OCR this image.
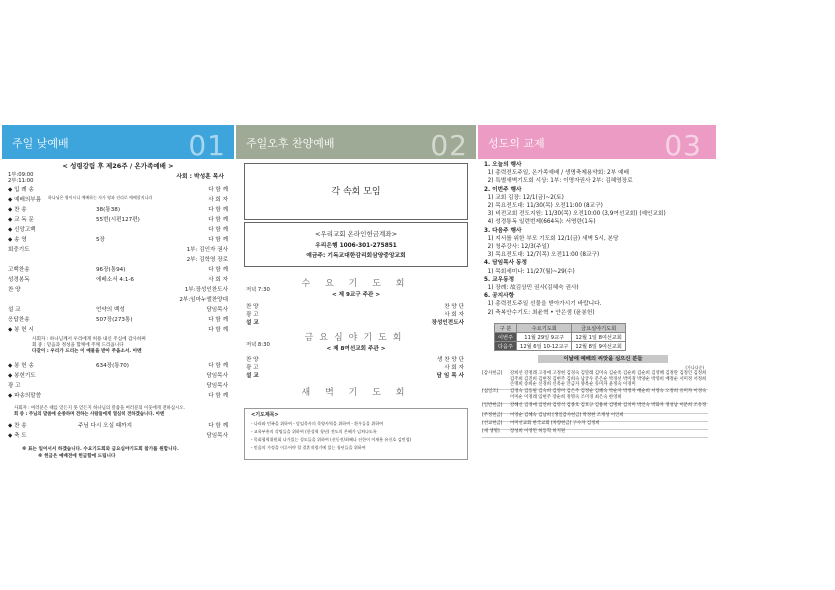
주일 낮예배	01
< 성령강림 후 제26주 / 온가족예배 >
1부:09:00
2부:11:00
사회 : 박성훈 목사
◆ 입 례 송	다 함 께
◆ 예배의부름 하나님은 영이시니 예배하는 자가 영과 진리로 예배할지니라	사 회 자
◆ 찬 송	38(통38)	다 함 께
◆ 교 독 문	55번(시편127편)	다 함 께
◆ 신앙고백	다 함 께
◆ 송 영	5장	다 함 께
회중기도	1부: 김인자 권사
2부: 김학영 장로
고백찬송	96장(통94)	다 함 께
성경봉독	에베소서 4:1-6	사 회 자
찬 양	1부:장성인찬도사
2부:임마누엘찬양대
설 교	언약의 백성	담임목사
응답찬송	507장(273통)	다 함 께
◆ 봉 헌 시	다 함 께
사회자 : 하나님께서 우리에게 허용 내신 주심에 감사하며
회 중 : 믿음과 정성을 함께에 주께 드리옵니다
다같이 : 우리가 드리는 이 예물을 받아 주옵소서. 아멘
◆ 봉 헌 송	634장(통70)	다 함 께
◆ 봉헌기도	담임목사
광 고	담임목사
◆ 파송의말씀	다 함 께
사회자 : 여러분은 때를 얻든지 못 얻든지 하나님의 말씀을 여러분의 이웃에게 전하십시오.
회 중 : 주님의 말씀에 순종하며 전하는 사람들에게 열심히 전하겠습니다. 아멘
◆ 찬 송	주님 다시 오실 때까지	다 함 께
◆ 축 도	담임목사
※ 표는 일어서서 하겠습니다. 수요기도회와 금요심야기도회 참가를 원합니다.
※ 헌금은 예배전에 헌금함에 드립니다
주일오후 찬양예배	02
각 속회 모임
<우리교회 온라인헌금계좌>
우리은행 1006-301-275851
예금주: 기독교대한감리회삼양중앙교회
수 요 기 도 회
저녁 7:30
< 제 9교구 주관 >
찬 양	찬 양 단
광 고	사 회 자
설 교	장성인전도사
금요심야기도회
저녁 8:30
< 제 8여선교회 주관 >
찬 양	생 찬 양 단
광 고	사 회 자
설 교	담 임 목 사
새 벽 기 도 회
<기도제목>
- 나라와 민족을 위하여 - 담임목사의 목양사역을 위하여 - 환우들을 위하여
- 교육부흥의 각팀들을 위하여 (한성혁 청년) 전도의 은혜가 넘쳐나도록
- 목회협력위원회 나가있는 성도들을 위하여 (선동진/최혜나 선한이 이재용 유신호 김민철)
- 믿음의 가정을 이루어야 할 결혼적령기에 있는 청년들을 위하여
성도의 교제	03
1. 오늘의 행사
1) 총력전도주일, 온가족예배 / 생명축제용약회: 2부 예배
2) 특별새벽기도회 시상: 1부: 이명자권사 2부: 김혜영장로
2. 이번주 행사
1) 교회 김장: 12/1(금)~2(토)
2) 목요전도대: 11/30(목) 오전11:00 (8교구)
3) 비전교회 전도지원: 11/30(목) 오전10:00 (3,9여선교회) (예인교회)
4) 성경통독 일련번제(664독): 서명란(1독)
3. 다음주 행사
1) 지서를 위한 부모 기도회 12/1(금) 새벽 5시, 본당
2) 청주강사: 12/3(주일)
3) 목요전도대: 12/7(목) 오전11:00 (8교구)
4. 담임목사 동정
1) 목회세미나: 11/27(월)~29(수)
5. 교우동정
1) 장례: 故김상민 권사(김혜숙 권사)
6. 공지사항
1) 총력전도주일 선물을 받아가시기 바랍니다.
2) 축복안수기도: 최윤혁 • 안은샘 (윤봉헌)
구 분	수요기도회	금요심야기도회
이번주	11월 29일 9교구	12월 1일 8여선교회
다음주	12월 6일 10-12교구	12월 8일 9여선교회
이날에 예배의 씨앗을 심으신 분들
(가나다순)
[감사헌금]	강희선 강정례 고경애 고정현 김경숙 김말례 김미숙 김순옥 김순희 김순희 김영혜 김정란 김정인 김정희 김주희 김진희 김현정 김현주 김희숙 남궁우 문은순 박경선 박미경 박양순 박영희 배정순 서미정 서정희 손명희 송희순 신경희 신옥순 안금자 양옥순 유미자 윤정숙 이경미
[십일조]	김경숙 김동필 김숙희 김영미 김은주 김정순 김혜숙 박순자 박정자 배순희 서영숙 오정희 유미자 이경숙 이미순 이정례 임현주 장순희 정명숙 조미경 최은숙 한영희
[일반헌금]	강혜신 김경애 김연희 김영석 김종호 김호규 김용희 김명희 김치미 박인숙 박화자 정성남 이분희 조유정
[주정헌금]	이영순 김혜숙 김남희 [생일감사헌금] 박정현 조재성 이인희
[선교헌금]	이미선교회 한국교회 [차량헌금] 구수자 김정희
[새 생명]	장성희 이영민 허동혁 허지원
